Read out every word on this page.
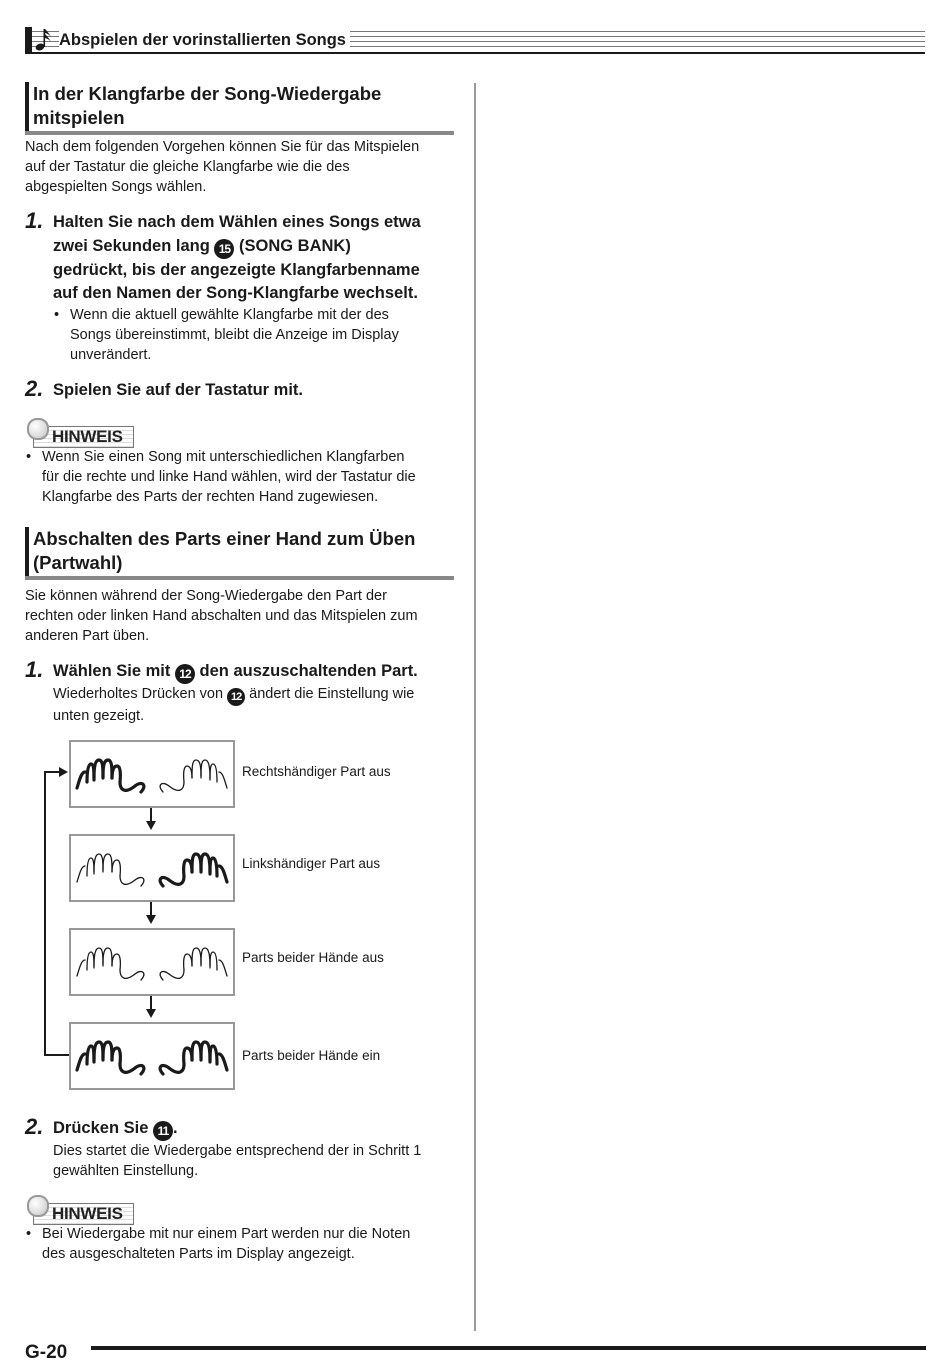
Abspielen der vorinstallierten Songs
In der Klangfarbe der Song-Wiedergabe
mitspielen
Nach dem folgenden Vorgehen können Sie für das Mitspielen
auf der Tastatur die gleiche Klangfarbe wie die des
abgespielten Songs wählen.
1. Halten Sie nach dem Wählen eines Songs etwa
zwei Sekunden lang 15 (SONG BANK)
gedrückt, bis der angezeigte Klangfarbenname
auf den Namen der Song-Klangfarbe wechselt.
• Wenn die aktuell gewählte Klangfarbe mit der des
Songs übereinstimmt, bleibt die Anzeige im Display
unverändert.
2. Spielen Sie auf der Tastatur mit.
HINWEIS
• Wenn Sie einen Song mit unterschiedlichen Klangfarben
für die rechte und linke Hand wählen, wird der Tastatur die
Klangfarbe des Parts der rechten Hand zugewiesen.
Abschalten des Parts einer Hand zum Üben
(Partwahl)
Sie können während der Song-Wiedergabe den Part der
rechten oder linken Hand abschalten und das Mitspielen zum
anderen Part üben.
1. Wählen Sie mit 12 den auszuschaltenden Part.
Wiederholtes Drücken von 12 ändert die Einstellung wie
unten gezeigt.
Rechtshändiger Part aus
Linkshändiger Part aus
Parts beider Hände aus
Parts beider Hände ein
2. Drücken Sie 11 .
Dies startet die Wiedergabe entsprechend der in Schritt 1
gewählten Einstellung.
HINWEIS
• Bei Wiedergabe mit nur einem Part werden nur die Noten
des ausgeschalteten Parts im Display angezeigt.
G-20
